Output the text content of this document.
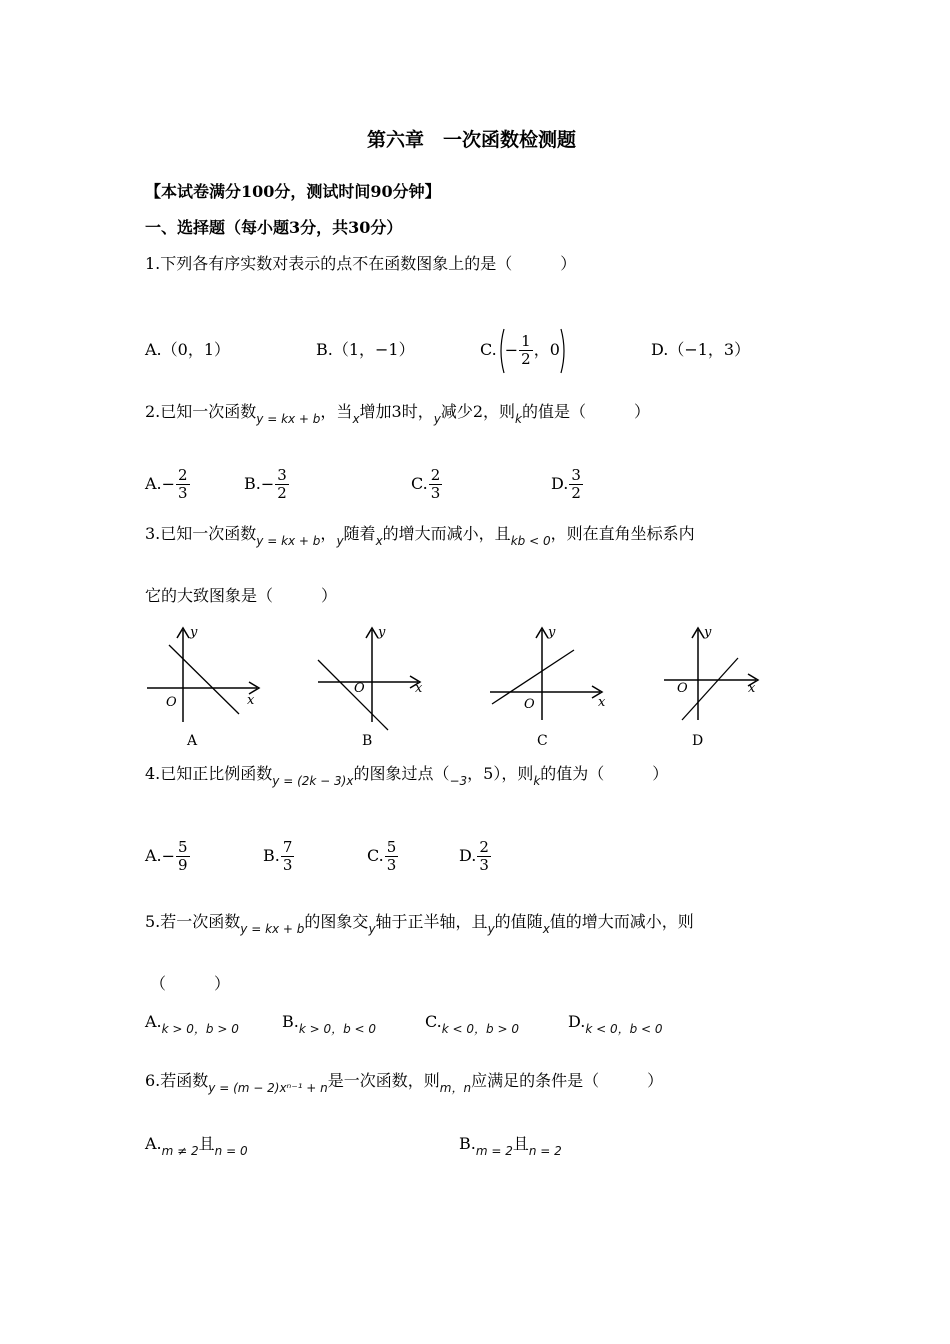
第六章　一次函数检测题
【本试卷满分100分，测试时间90分钟】
一、选择题（每小题3分，共30分）
1.下列各有序实数对表示的点不在函数图象上的是（　　　）
A.（0，1）	B.（1，−1）	C. − $\frac{1}{2}$ ，0	D.（−1，3）
2.已知一次函数$_{y = kx + b}$，当$_x$增加3时，$_y$减少2，则$_k$的值是（　　　）
$A.- \frac{2}{3}$	$B.- \frac{3}{2}$	C. $\frac{2}{3}$	D. $\frac{3}{2}$
3.已知一次函数$_{y = kx + b}$，$_y$随着$_x$的增大而减小，且$_{kb < 0}$，则在直角坐标系内
它的大致图象是（　　　）
y
x
O
A
y
x
O
B
y
x
O
C
y
x
O
D
4.已知正比例函数$_{y = (2k - 3)x}$的图象过点（$_{-3}$，5），则$_k$的值为（　　　）
$A.- \frac{5}{9}$	B. $\frac{7}{3}$	C. $\frac{5}{3}$	D. $\frac{2}{3}$
5.若一次函数$_{y = kx + b}$的图象交$_y$轴于正半轴，且$_y$的值随$_x$值的增大而减小，则
（　　　）
$A._{k > 0,b > 0}$	$B._{k > 0,b < 0}$	$C._{k < 0,b > 0}$	$D._{k < 0,b < 0}$
6.若函数$_{y = (m - 2)x^{n-1} + n}$是一次函数，则$_{m,n}$应满足的条件是（　　　）
$A._{m \ne 2}$且$_{n = 0}$	$B._{m = 2}$且$_{n = 2}$
